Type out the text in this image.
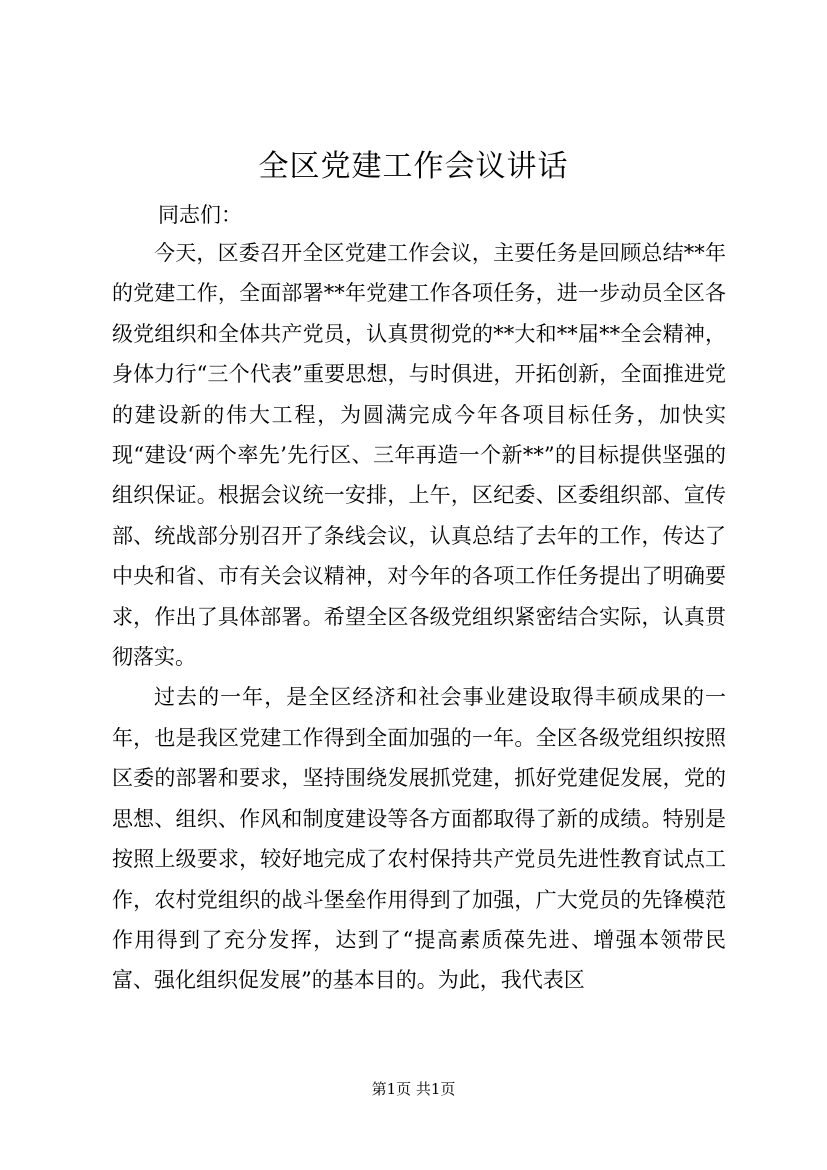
全区党建工作会议讲话
同志们：

今天，区委召开全区党建工作会议，主要任务是回顾总结**年的党建工作，全面部署**年党建工作各项任务，进一步动员全区各级党组织和全体共产党员，认真贯彻党的**大和**届**全会精神，身体力行“三个代表”重要思想，与时俱进，开拓创新，全面推进党的建设新的伟大工程，为圆满完成今年各项目标任务，加快实现“建设‘两个率先’先行区、三年再造一个新**”的目标提供坚强的组织保证。根据会议统一安排，上午，区纪委、区委组织部、宣传部、统战部分别召开了条线会议，认真总结了去年的工作，传达了中央和省、市有关会议精神，对今年的各项工作任务提出了明确要求，作出了具体部署。希望全区各级党组织紧密结合实际，认真贯彻落实。

过去的一年，是全区经济和社会事业建设取得丰硕成果的一年，也是我区党建工作得到全面加强的一年。全区各级党组织按照区委的部署和要求，坚持围绕发展抓党建，抓好党建促发展，党的思想、组织、作风和制度建设等各方面都取得了新的成绩。特别是按照上级要求，较好地完成了农村保持共产党员先进性教育试点工作，农村党组织的战斗堡垒作用得到了加强，广大党员的先锋模范作用得到了充分发挥，达到了“提高素质葆先进、增强本领带民富、强化组织促发展”的基本目的。为此，我代表区

第1页 共1页
